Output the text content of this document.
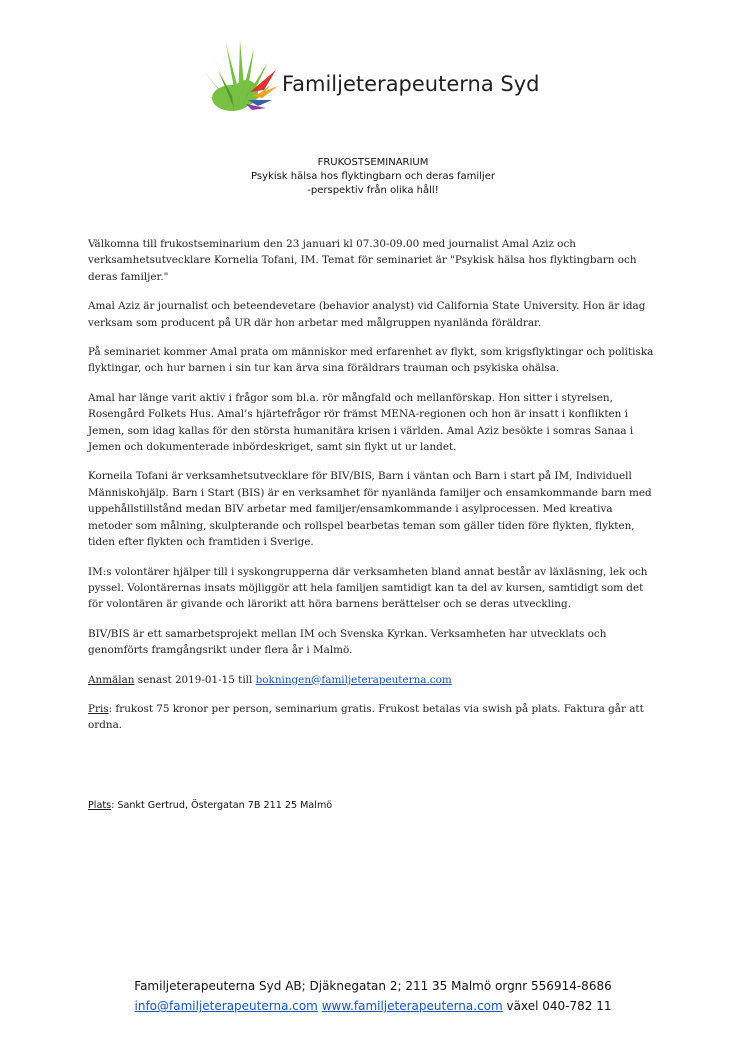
Familjeterapeuterna Syd
FRUKOSTSEMINARIUM
Psykisk hälsa hos flyktingbarn och deras familjer
-perspektiv från olika håll!

Välkomna till frukostseminarium den 23 januari kl 07.30-09.00 med journalist Amal Aziz och verksamhetsutvecklare Kornelia Tofani, IM. Temat för seminariet är "Psykisk hälsa hos flyktingbarn och deras familjer."

Amal Aziz är journalist och beteendevetare (behavior analyst) vid California State University. Hon är idag verksam som producent på UR där hon arbetar med målgruppen nyanlända föräldrar.

På seminariet kommer Amal prata om människor med erfarenhet av flykt, som krigsflyktingar och politiska flyktingar, och hur barnen i sin tur kan ärva sina föräldrars trauman och psykiska ohälsa.

Amal har länge varit aktiv i frågor som bl.a. rör mångfald och mellanförskap. Hon sitter i styrelsen, Rosengård Folkets Hus. Amal’s hjärtefrågor rör främst MENA-regionen och hon är insatt i konflikten i Jemen, som idag kallas för den största humanitära krisen i världen. Amal Aziz besökte i somras Sanaa i Jemen och dokumenterade inbördeskriget, samt sin flykt ut ur landet.

Korneila Tofani är verksamhetsutvecklare för BIV/BIS, Barn i väntan och Barn i start på IM, Individuell Människohjälp. Barn i Start (BIS) är en verksamhet för nyanlända familjer och ensamkommande barn med uppehållstillstånd medan BIV arbetar med familjer/ensamkommande i asylprocessen. Med kreativa metoder som målning, skulpterande och rollspel bearbetas teman som gäller tiden före flykten, flykten, tiden efter flykten och framtiden i Sverige.

IM:s volontärer hjälper till i syskongrupperna där verksamheten bland annat består av läxläsning, lek och pyssel. Volontärernas insats möjliggör att hela familjen samtidigt kan ta del av kursen, samtidigt som det för volontären är givande och lärorikt att höra barnens berättelser och se deras utveckling.

BIV/BIS är ett samarbetsprojekt mellan IM och Svenska Kyrkan. Verksamheten har utvecklats och genomförts framgångsrikt under flera år i Malmö.

Anmälan senast 2019-01-15 till bokningen@familjeterapeuterna.com

Pris: frukost 75 kronor per person, seminarium gratis. Frukost betalas via swish på plats. Faktura går att ordna.

Plats: Sankt Gertrud, Östergatan 7B 211 25 Malmö
Familjeterapeuterna Syd AB; Djäknegatan 2; 211 35 Malmö orgnr 556914-8686
info@familjeterapeuterna.com www.familjeterapeuterna.com växel 040-782 11
